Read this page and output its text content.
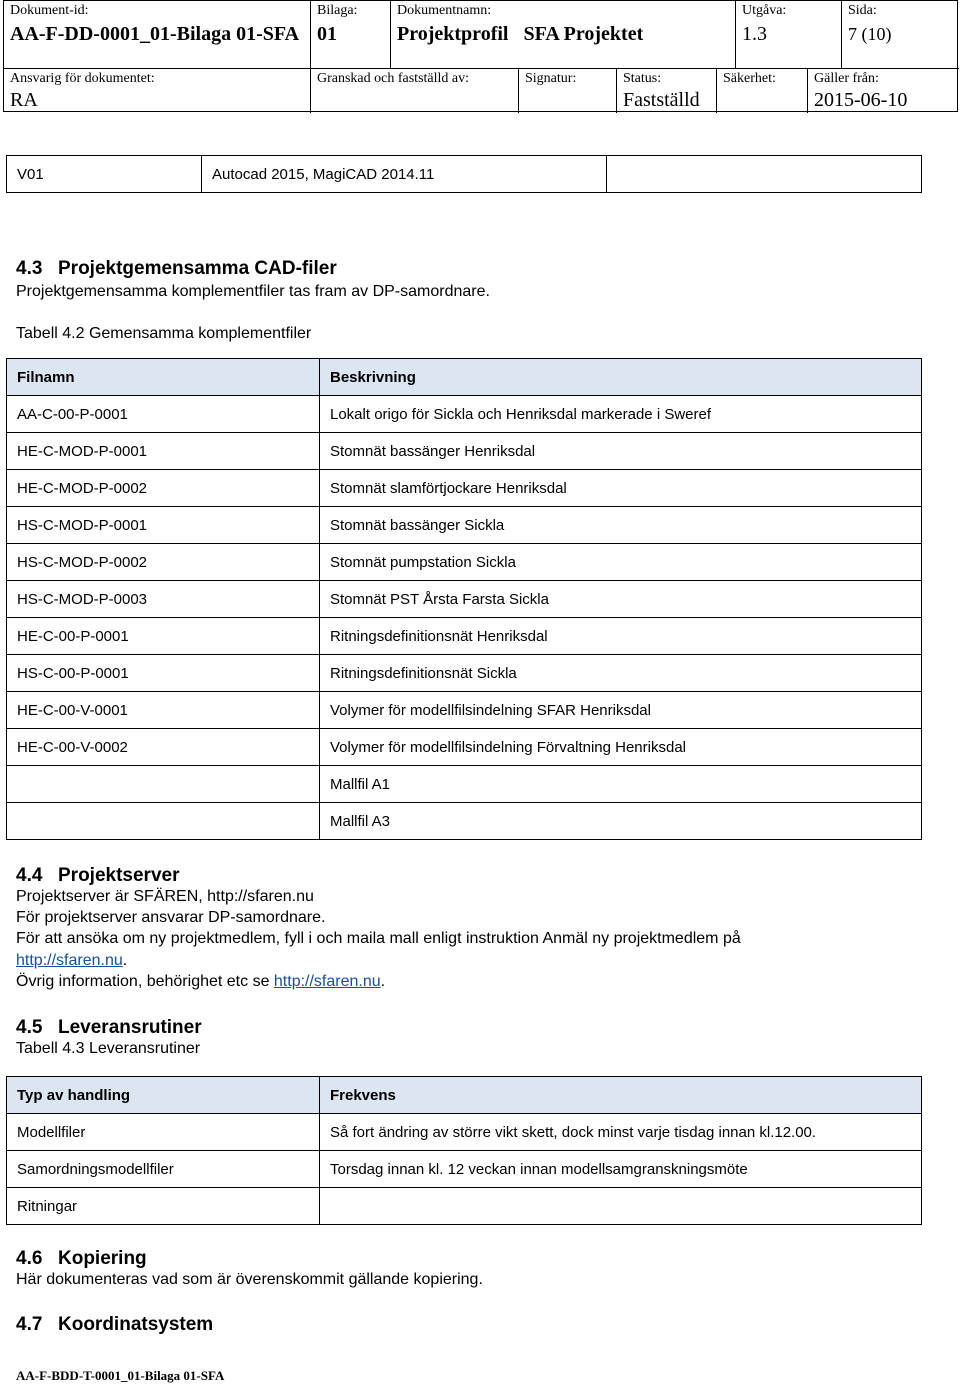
Dokument-id:
AA-F-DD-0001_01-Bilaga 01-SFA
Bilaga:
01
Dokumentnamn:
Projektprofil   SFA Projektet
Utgåva:
1.3
Sida:
7 (10)
Ansvarig för dokumentet:
RA
Granskad och fastställd av:	Signatur:	Status:
Fastställd
Säkerhet:	Gäller från:
2015-06-10
V01	Autocad 2015, MagiCAD 2014.11	
4.3 Projektgemensamma CAD-filer
Projektgemensamma komplementfiler tas fram av DP-samordnare.
Tabell 4.2 Gemensamma komplementfiler
Filnamn	Beskrivning
AA-C-00-P-0001	Lokalt origo för Sickla och Henriksdal markerade i Sweref
HE-C-MOD-P-0001	Stomnät bassänger Henriksdal
HE-C-MOD-P-0002	Stomnät slamförtjockare Henriksdal
HS-C-MOD-P-0001	Stomnät bassänger Sickla
HS-C-MOD-P-0002	Stomnät pumpstation Sickla
HS-C-MOD-P-0003	Stomnät PST Årsta Farsta Sickla
HE-C-00-P-0001	Ritningsdefinitionsnät Henriksdal
HS-C-00-P-0001	Ritningsdefinitionsnät Sickla
HE-C-00-V-0001	Volymer för modellfilsindelning SFAR Henriksdal
HE-C-00-V-0002	Volymer för modellfilsindelning Förvaltning Henriksdal
	Mallfil A1
	Mallfil A3
4.4 Projektserver
Projektserver är SFÄREN, http://sfaren.nu
För projektserver ansvarar DP-samordnare.
För att ansöka om ny projektmedlem, fyll i och maila mall enligt instruktion Anmäl ny projektmedlem på
http://sfaren.nu.
Övrig information, behörighet etc se http://sfaren.nu.
4.5 Leveransrutiner
Tabell 4.3 Leveransrutiner
Typ av handling	Frekvens
Modellfiler	Så fort ändring av större vikt skett, dock minst varje tisdag innan kl.12.00.
Samordningsmodellfiler	Torsdag innan kl. 12 veckan innan modellsamgranskningsmöte
Ritningar	
4.6 Kopiering
Här dokumenteras vad som är överenskommit gällande kopiering.
4.7 Koordinatsystem
AA-F-BDD-T-0001_01-Bilaga 01-SFA
